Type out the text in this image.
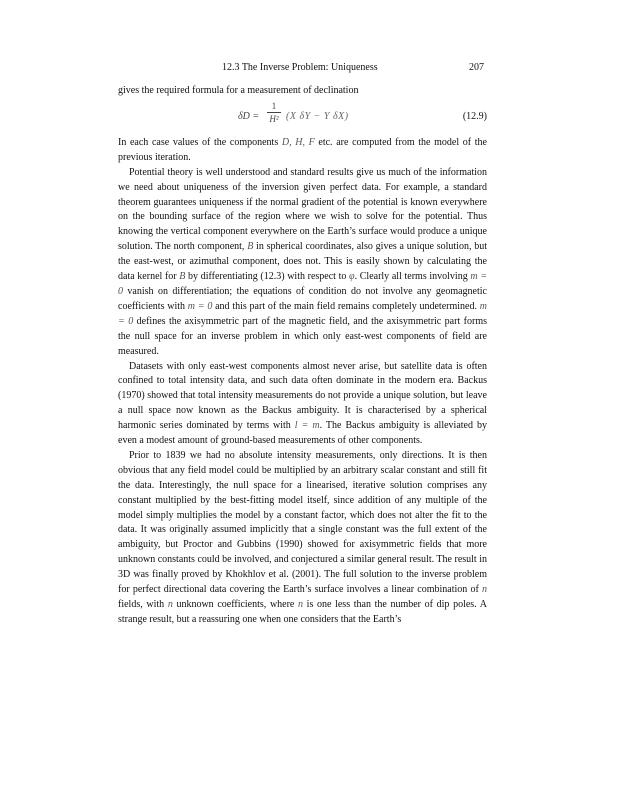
12.3 The Inverse Problem: Uniqueness	207

gives the required formula for a measurement of declination

δD =
1
H² (X δY − Y δX)	(12.9)

In each case values of the components D, H, F etc. are computed from the model of the previous iteration.

Potential theory is well understood and standard results give us much of the information we need about uniqueness of the inversion given perfect data. For example, a standard theorem guarantees uniqueness if the normal gradient of the potential is known everywhere on the bounding surface of the region where we wish to solve for the potential. Thus knowing the vertical component everywhere on the Earth’s surface would produce a unique solution. The north component, B in spherical coordinates, also gives a unique solution, but the east-west, or azimuthal component, does not. This is easily shown by calculating the data kernel for B by differentiating (12.3) with respect to φ. Clearly all terms involving m = 0 vanish on differentiation; the equations of condition do not involve any geomagnetic coefficients with m = 0 and this part of the main field remains completely undetermined. m = 0 defines the axisymmetric part of the magnetic field, and the axisymmetric part forms the null space for an inverse problem in which only east-west components of field are measured.

Datasets with only east-west components almost never arise, but satellite data is often confined to total intensity data, and such data often dominate in the modern era. Backus (1970) showed that total intensity measurements do not provide a unique solution, but leave a null space now known as the Backus ambiguity. It is characterised by a spherical harmonic series dominated by terms with l = m. The Backus ambiguity is alleviated by even a modest amount of ground-based measurements of other components.

Prior to 1839 we had no absolute intensity measurements, only directions. It is then obvious that any field model could be multiplied by an arbitrary scalar constant and still fit the data. Interestingly, the null space for a linearised, iterative solution comprises any constant multiplied by the best-fitting model itself, since addition of any multiple of the model simply multiplies the model by a constant factor, which does not alter the fit to the data. It was originally assumed implicitly that a single constant was the full extent of the ambiguity, but Proctor and Gubbins (1990) showed for axisymmetric fields that more unknown constants could be involved, and conjectured a similar general result. The result in 3D was finally proved by Khokhlov et al. (2001). The full solution to the inverse problem for perfect directional data covering the Earth’s surface involves a linear combination of n fields, with n unknown coefficients, where n is one less than the number of dip poles. A strange result, but a reassuring one when one considers that the Earth’s
